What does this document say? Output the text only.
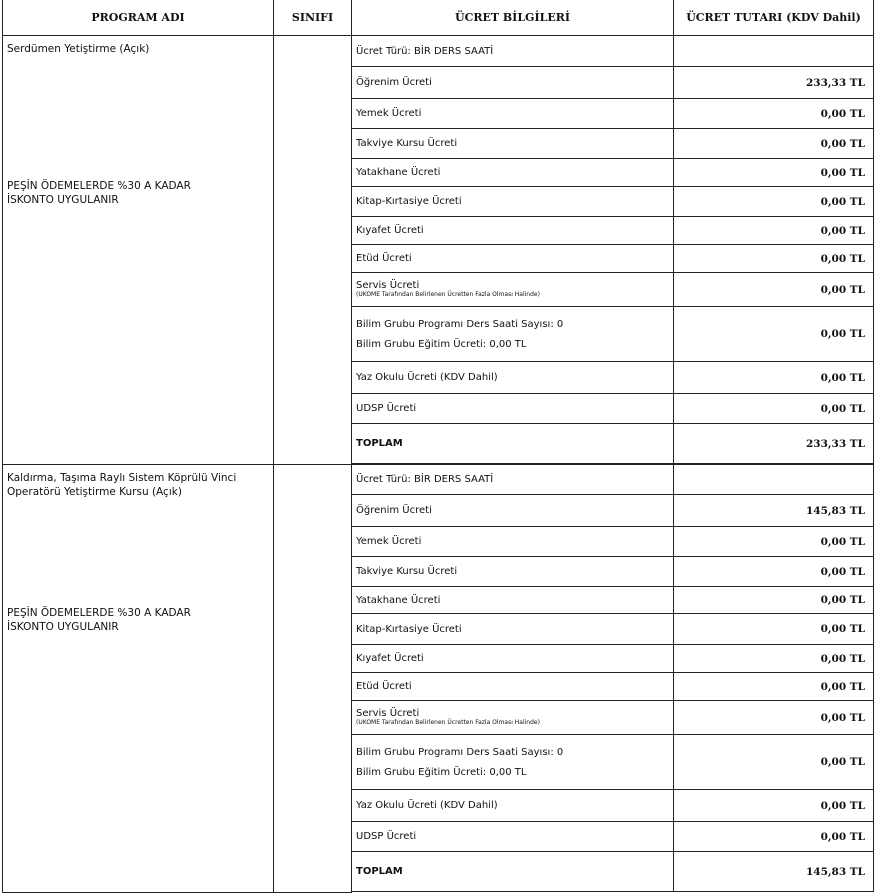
PROGRAM ADI	SINIFI	ÜCRET BİLGİLERİ	ÜCRET TUTARI (KDV Dahil)
Serdümen Yetiştirme (Açık)
PEŞİN ÖDEMELERDE %30 A KADAR
İSKONTO UYGULANIR		Ücret Türü: BİR DERS SAATİ	
		Öğrenim Ücreti	233,33 TL
		Yemek Ücreti	0,00 TL
		Takviye Kursu Ücreti	0,00 TL
		Yatakhane Ücreti	0,00 TL
		Kitap-Kırtasiye Ücreti	0,00 TL
		Kıyafet Ücreti	0,00 TL
		Etüd Ücreti	0,00 TL
		Servis Ücreti
(UKOME Tarafından Belirlenen Ücretten Fazla Olması Halinde)	0,00 TL
		Bilim Grubu Programı Ders Saati Sayısı: 0
Bilim Grubu Eğitim Ücreti: 0,00 TL	0,00 TL
		Yaz Okulu Ücreti (KDV Dahil)	0,00 TL
		UDSP Ücreti	0,00 TL
		TOPLAM	233,33 TL

Kaldırma, Taşıma Raylı Sistem Köprülü Vinci
Operatörü Yetiştirme Kursu (Açık)
PEŞİN ÖDEMELERDE %30 A KADAR
İSKONTO UYGULANIR		Ücret Türü: BİR DERS SAATİ	
		Öğrenim Ücreti	145,83 TL
		Yemek Ücreti	0,00 TL
		Takviye Kursu Ücreti	0,00 TL
		Yatakhane Ücreti	0,00 TL
		Kitap-Kırtasiye Ücreti	0,00 TL
		Kıyafet Ücreti	0,00 TL
		Etüd Ücreti	0,00 TL
		Servis Ücreti
(UKOME Tarafından Belirlenen Ücretten Fazla Olması Halinde)	0,00 TL
		Bilim Grubu Programı Ders Saati Sayısı: 0
Bilim Grubu Eğitim Ücreti: 0,00 TL	0,00 TL
		Yaz Okulu Ücreti (KDV Dahil)	0,00 TL
		UDSP Ücreti	0,00 TL
		TOPLAM	145,83 TL
